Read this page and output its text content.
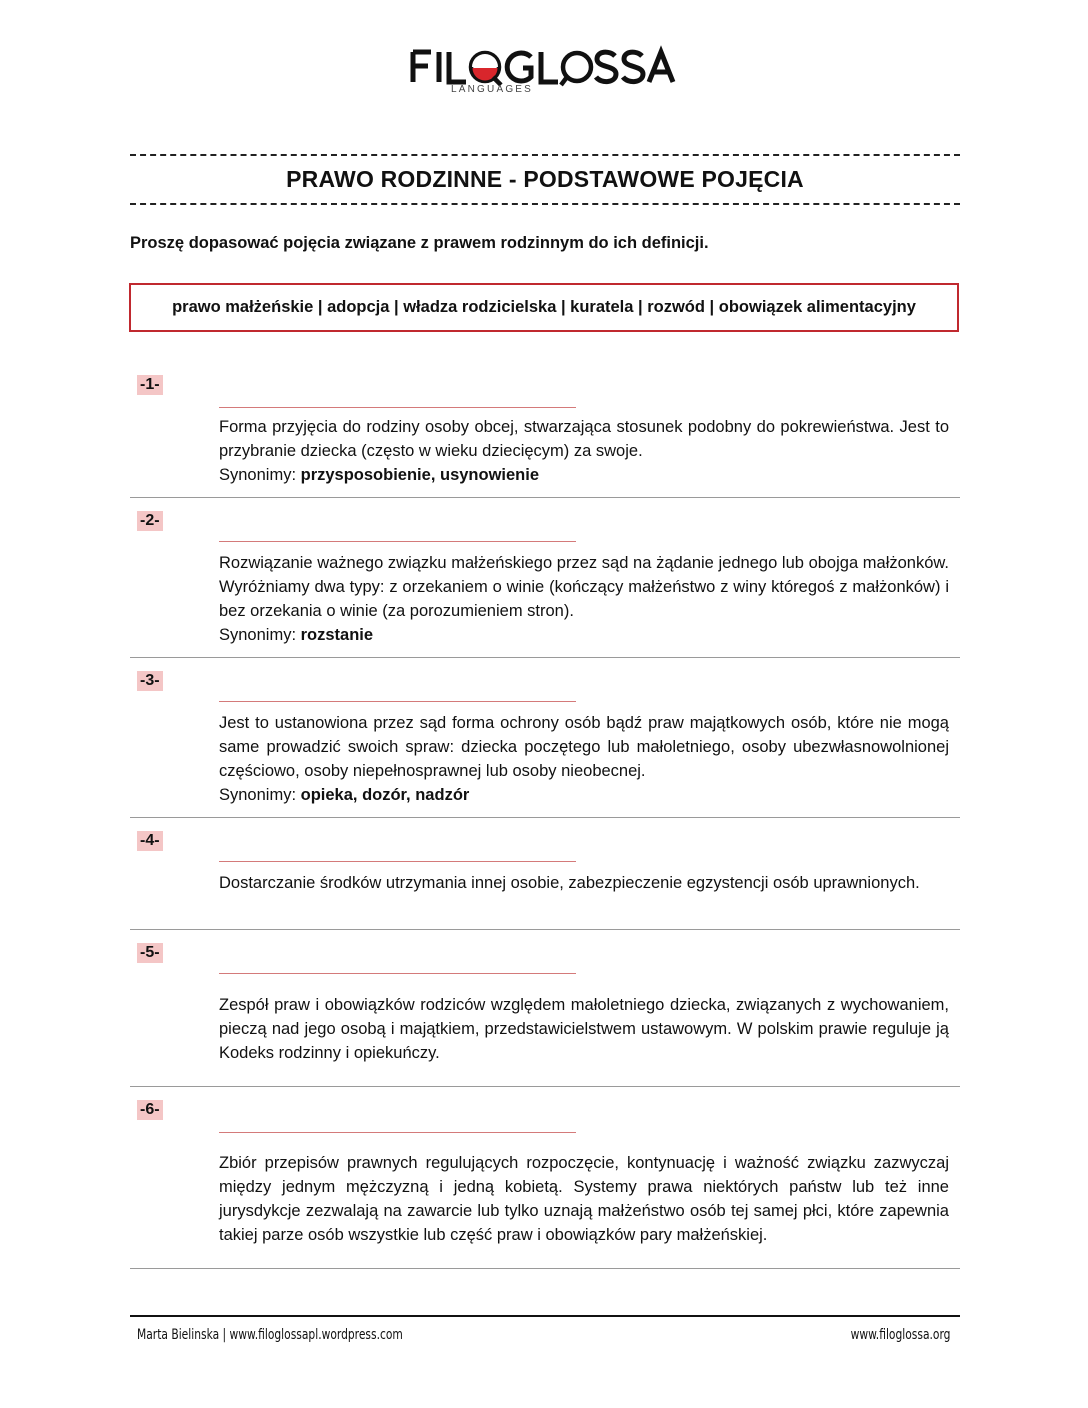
LANGUAGES
PRAWO RODZINNE - PODSTAWOWE POJĘCIA
Proszę dopasować pojęcia związane z prawem rodzinnym do ich definicji.
prawo małżeńskie | adopcja | władza rodzicielska | kuratela | rozwód | obowiązek alimentacyjny
-1-

Forma przyjęcia do rodziny osoby obcej, stwarzająca stosunek podobny do pokrewieństwa. Jest to przybranie dziecka (często w wieku dziecięcym) za swoje.

Synonimy: przysposobienie, usynowienie
-2-

Rozwiązanie ważnego związku małżeńskiego przez sąd na żądanie jednego lub obojga małżonków. Wyróżniamy dwa typy: z orzekaniem o winie (kończący małżeństwo z winy któregoś z małżonków) i bez orzekania o winie (za porozumieniem stron).

Synonimy: rozstanie
-3-

Jest to ustanowiona przez sąd forma ochrony osób bądź praw majątkowych osób, które nie mogą same prowadzić swoich spraw: dziecka poczętego lub małoletniego, osoby ubezwłasnowolnionej częściowo, osoby niepełnosprawnej lub osoby nieobecnej.

Synonimy: opieka, dozór, nadzór
-4-

Dostarczanie środków utrzymania innej osobie, zabezpieczenie egzystencji osób uprawnionych.

-5-

Zespół praw i obowiązków rodziców względem małoletniego dziecka, związanych z wychowaniem, pieczą nad jego osobą i majątkiem, przedstawicielstwem ustawowym. W polskim prawie reguluje ją Kodeks rodzinny i opiekuńczy.

-6-

Zbiór przepisów prawnych regulujących rozpoczęcie, kontynuację i ważność związku zazwyczaj między jednym mężczyzną i jedną kobietą. Systemy prawa niektórych państw lub też inne jurysdykcje zezwalają na zawarcie lub tylko uznają małżeństwo osób tej samej płci, które zapewnia takiej parze osób wszystkie lub część praw i obowiązków pary małżeńskiej.

Marta Bielinska | www.filoglossapl.wordpress.com	www.filoglossa.org
